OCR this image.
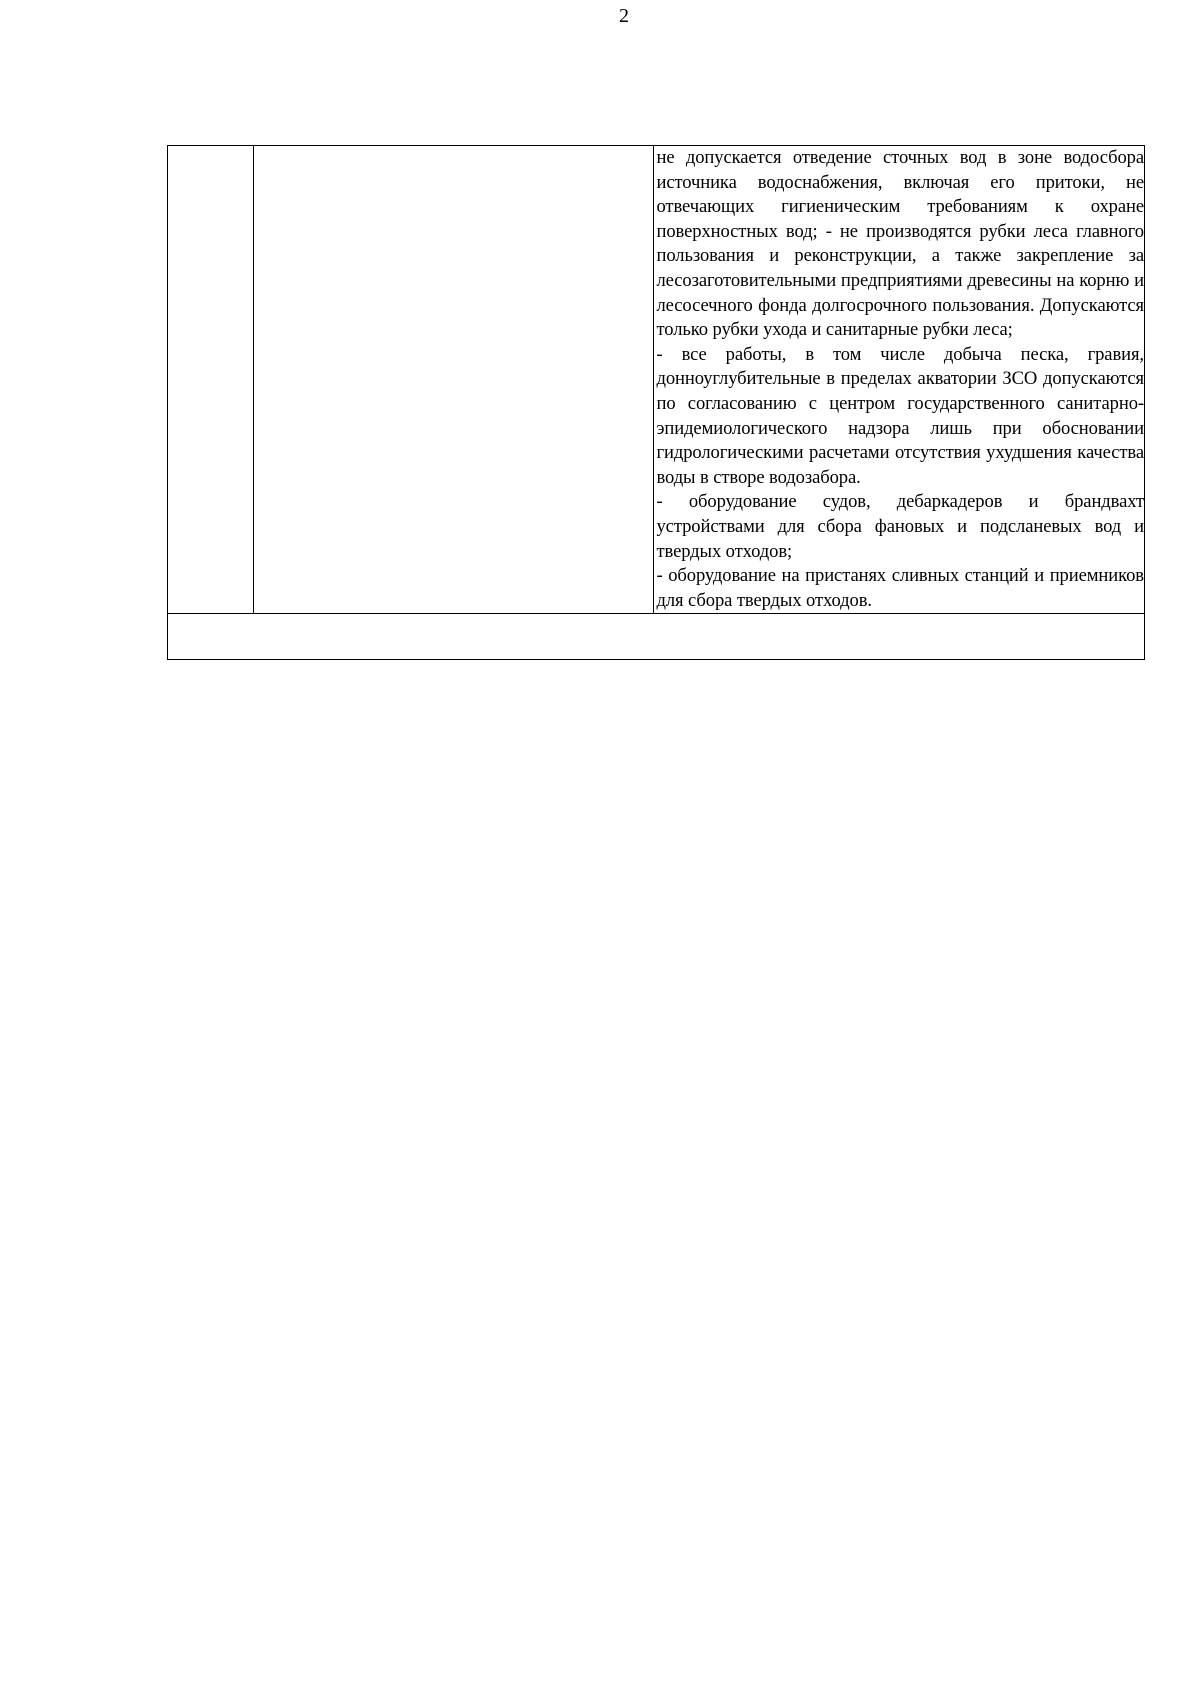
2

не допускается отведение сточных вод в зоне водосбора источника водоснабжения, включая его притоки, не отвечающих гигиеническим требованиям к охране поверхностных вод; - не производятся рубки леса главного пользования и реконструкции, а также закрепление за лесозаготовительными предприятиями древесины на корню и лесосечного фонда долгосрочного пользования. Допускаются только рубки ухода и санитарные рубки леса;

- все работы, в том числе добыча песка, гравия, донноуглубительные в пределах акватории ЗСО допускаются по согласованию с центром государственного санитарно-эпидемиологического надзора лишь при обосновании гидрологическими расчетами отсутствия ухудшения качества воды в створе водозабора.

- оборудование судов, дебаркадеров и брандвахт устройствами для сбора фановых и подсланевых вод и твердых отходов;

- оборудование на пристанях сливных станций и приемников для сбора твердых отходов.
